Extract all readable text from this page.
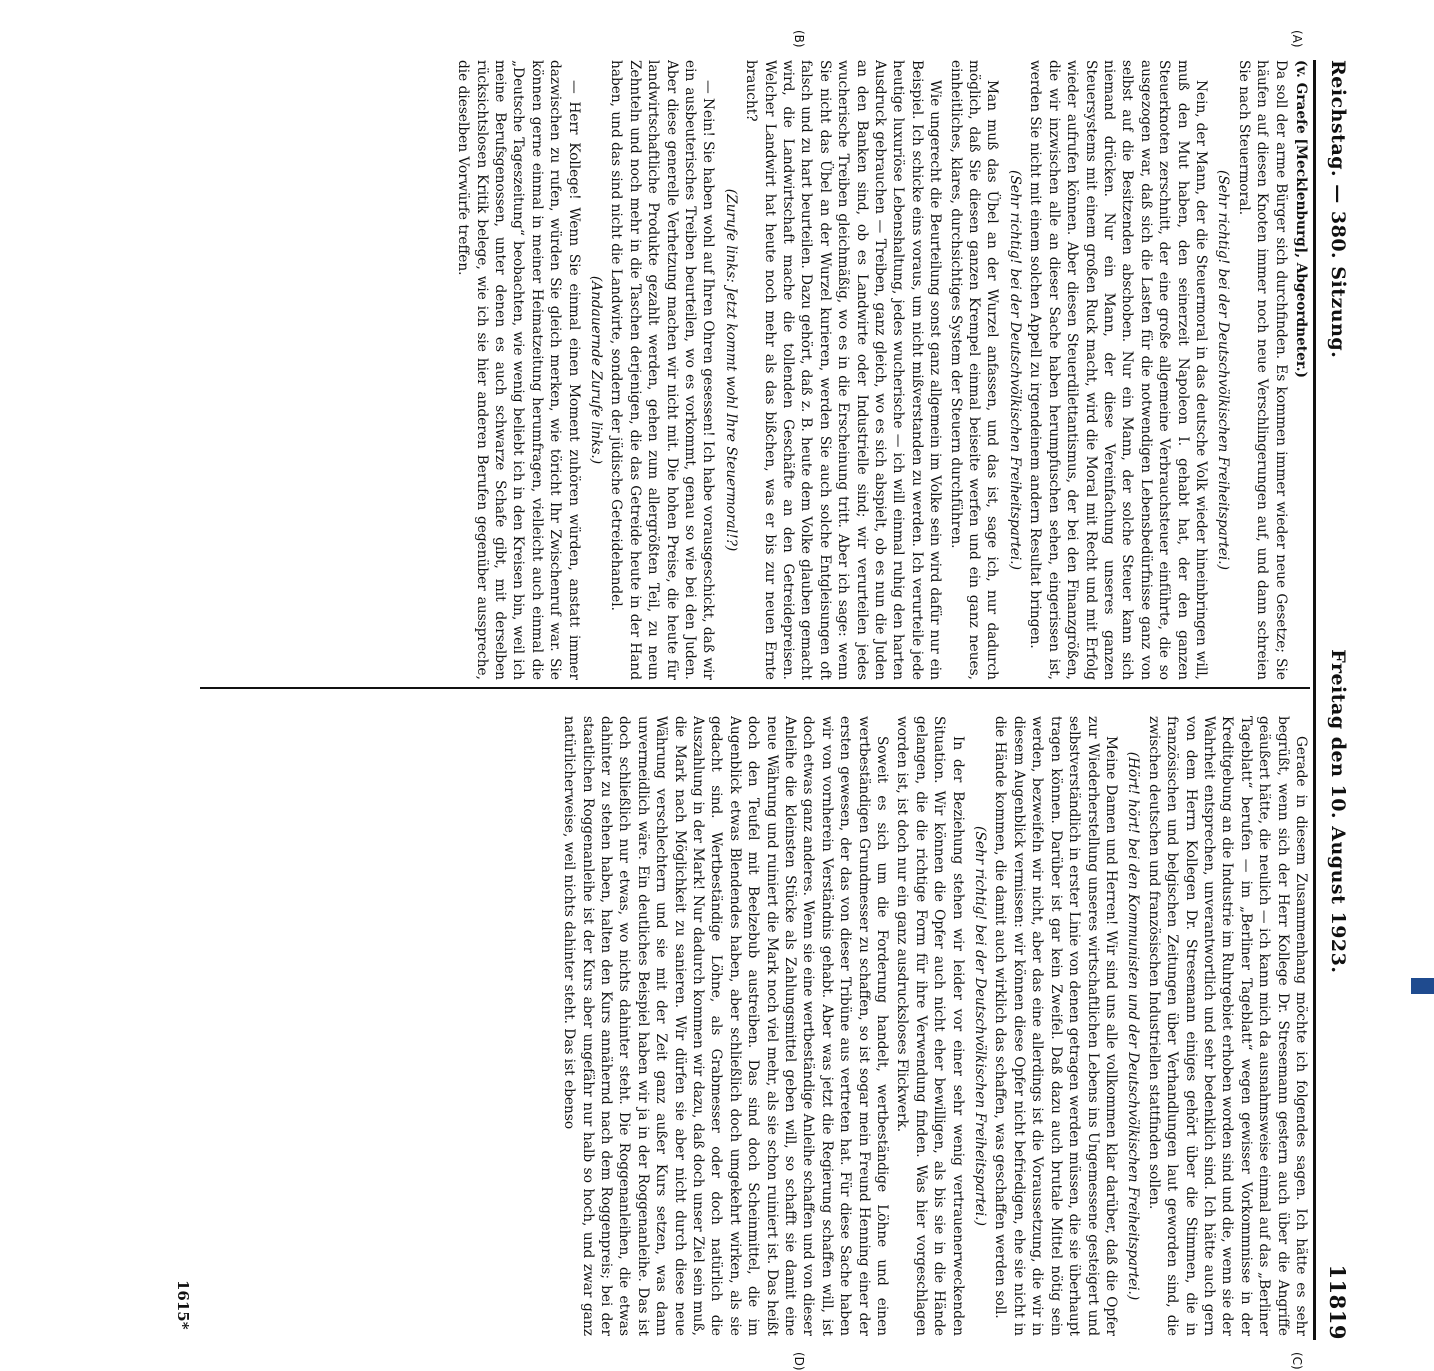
Reichstag. — 380. Sitzung.
Freitag den 10. August 1923.
11819
(A)
(B)
(C)
(D)

(v. Graefe [Mecklenburg], Abgeordneter.)

Da soll der arme Bürger sich durchfinden. Es kommen immer wieder neue Gesetze; Sie häufen auf diesen Knoten immer noch neue Verschlingerungen auf, und dann schreien Sie nach Steuermoral.

(Sehr richtig! bei der Deutschvölkischen Freiheitspartei.)

Nein, der Mann, der die Steuermoral in das deutsche Volk wieder hineinbringen will, muß den Mut haben, den seinerzeit Napoleon I. gehabt hat, der den ganzen Steuerknoten zerschnitt, der eine große allgemeine Verbrauchsteuer einführte, die so ausgezogen war, daß sich die Lasten für die notwendigen Lebensbedürfnisse ganz von selbst auf die Besitzenden abschoben. Nur ein Mann, der solche Steuer kann sich niemand drücken. Nur ein Mann, der diese Vereinfachung unseres ganzen Steuersystems mit einem großen Ruck macht, wird die Moral mit Recht und mit Erfolg wieder aufrufen können. Aber diesen Steuerdilettantismus, der bei den Finanzgrößen, die wir inzwischen alle an dieser Sache haben herumpfuschen sehen, eingerissen ist, werden Sie nicht mit einem solchen Appell zu irgendeinem andern Resultat bringen.

(Sehr richtig! bei der Deutschvölkischen Freiheitspartei.)

Man muß das Übel an der Wurzel anfassen, und das ist, sage ich, nur dadurch möglich, daß Sie diesen ganzen Krempel einmal beiseite werfen und ein ganz neues, einheitliches, klares, durchsichtiges System der Steuern durchführen.

Wie ungerecht die Beurteilung sonst ganz allgemein im Volke sein wird dafür nur ein Beispiel. Ich schicke eins voraus, um nicht mißverstanden zu werden. Ich verurteile jede heutige luxuriöse Lebenshaltung, jedes wucherische — ich will einmal ruhig den harten Ausdruck gebrauchen — Treiben, ganz gleich, wo es sich abspielt, ob es nun die Juden an den Banken sind, ob es Landwirte oder Industrielle sind; wir verurteilen jedes wucherische Treiben gleichmäßig, wo es in die Erscheinung tritt. Aber ich sage: wenn Sie nicht das Übel an der Wurzel kurieren, werden Sie auch solche Entgleisungen oft falsch und zu hart beurteilen. Dazu gehört, daß z. B. heute dem Volke glauben gemacht wird, die Landwirtschaft mache die tollenden Geschäfte an den Getreidepreisen. Welcher Landwirt hat heute noch mehr als das bißchen, was er bis zur neuen Ernte braucht?

(Zurufe links: Jetzt kommt wohl Ihre Steuermoral!?)

— Nein! Sie haben wohl auf Ihren Ohren gesessen! Ich habe vorausgeschickt, daß wir ein ausbeuterisches Treiben beurteilen, wo es vorkommt, genau so wie bei den Juden. Aber diese generelle Verhetzung machen wir nicht mit. Die hohen Preise, die heute für landwirtschaftliche Produkte gezahlt werden, gehen zum allergrößten Teil, zu neun Zehnteln und noch mehr in die Taschen derjenigen, die das Getreide heute in der Hand haben, und das sind nicht die Landwirte, sondern der jüdische Getreidehandel.

(Andauernde Zurufe links.)

— Herr Kollege! Wenn Sie einmal einen Moment zuhören würden, anstatt immer dazwischen zu rufen, würden Sie gleich merken, wie töricht Ihr Zwischenruf war. Sie können gerne einmal in meiner Heimatzeitung herumfragen, vielleicht auch einmal die „Deutsche Tageszeitung“ beobachten, wie wenig beliebt ich in den Kreisen bin, weil ich meine Berufsgenossen, unter denen es auch schwarze Schafe gibt, mit derselben rücksichtslosen Kritik belege, wie ich sie hier anderen Berufen gegenüber ausspreche, die dieselben Vorwürfe treffen.

Gerade in diesem Zusammenhang möchte ich folgendes sagen. Ich hätte es sehr begrüßt, wenn sich der Herr Kollege Dr. Stresemann gestern auch über die Angriffe geäußert hätte, die neulich — ich kann mich da ausnahmsweise einmal auf das „Berliner Tageblatt“ berufen — im „Berliner Tageblatt“ wegen gewisser Vorkommnisse in der Kreditgebung an die Industrie im Ruhrgebiet erhoben worden sind und die, wenn sie der Wahrheit entsprechen, unverantwortlich und sehr bedenklich sind. Ich hätte auch gern von dem Herrn Kollegen Dr. Stresemann einiges gehört über die Stimmen, die in französischen und belgischen Zeitungen über Verhandlungen laut geworden sind, die zwischen deutschen und französischen Industriellen stattfinden sollen.

(Hört! hört! bei den Kommunisten und der Deutschvölkischen Freiheitspartei.)

Meine Damen und Herren! Wir sind uns alle vollkommen klar darüber, daß die Opfer zur Wiederherstellung unseres wirtschaftlichen Lebens ins Ungemessene gesteigert und selbstverständlich in erster Linie von denen getragen werden müssen, die sie überhaupt tragen können. Darüber ist gar kein Zweifel. Daß dazu auch brutale Mittel nötig sein werden, bezweifeln wir nicht, aber das eine allerdings ist die Voraussetzung, die wir in diesem Augenblick vermissen: wir können diese Opfer nicht befriedigen, ehe sie nicht in die Hände kommen, die damit auch wirklich das schaffen, was geschaffen werden soll.

(Sehr richtig! bei der Deutschvölkischen Freiheitspartei.)

In der Beziehung stehen wir leider vor einer sehr wenig vertrauenerweckenden Situation. Wir können die Opfer auch nicht eher bewilligen, als bis sie in die Hände gelangen, die die richtige Form für ihre Verwendung finden. Was hier vorgeschlagen worden ist, ist doch nur ein ganz ausdrucksloses Flickwerk.

Soweit es sich um die Forderung handelt, wertbeständige Löhne und einen wertbeständigen Grundmesser zu schaffen, so ist sogar mein Freund Henning einer der ersten gewesen, der das von dieser Tribüne aus vertreten hat. Für diese Sache haben wir von vornherein Verständnis gehabt. Aber was jetzt die Regierung schaffen will, ist doch etwas ganz anderes. Wenn sie eine wertbeständige Anleihe schaffen und von dieser Anleihe die kleinsten Stücke als Zahlungsmittel geben will, so schafft sie damit eine neue Währung und ruiniert die Mark noch viel mehr, als sie schon ruiniert ist. Das heißt doch den Teufel mit Beelzebub austreiben. Das sind doch Scheinmittel, die im Augenblick etwas Blendendes haben, aber schließlich doch umgekehrt wirken, als sie gedacht sind. Wertbeständige Löhne, als Grabmesser oder doch natürlich die Auszahlung in der Mark! Nur dadurch kommen wir dazu, daß doch unser Ziel sein muß, die Mark nach Möglichkeit zu sanieren. Wir dürfen sie aber nicht durch diese neue Währung verschlechtern und sie mit der Zeit ganz außer Kurs setzen, was dann unvermeidlich wäre. Ein deutliches Beispiel haben wir ja in der Roggenanleihe. Das ist doch schließlich nur etwas, wo nichts dahinter steht. Die Roggenanleihen, die etwas dahinter zu stehen haben, halten den Kurs annähernd nach dem Roggenpreis; bei der staatlichen Roggenanleihe ist der Kurs aber ungefähr nur halb so hoch, und zwar ganz natürlicherweise, weil nichts dahinter steht. Das ist ebenso

1615*
